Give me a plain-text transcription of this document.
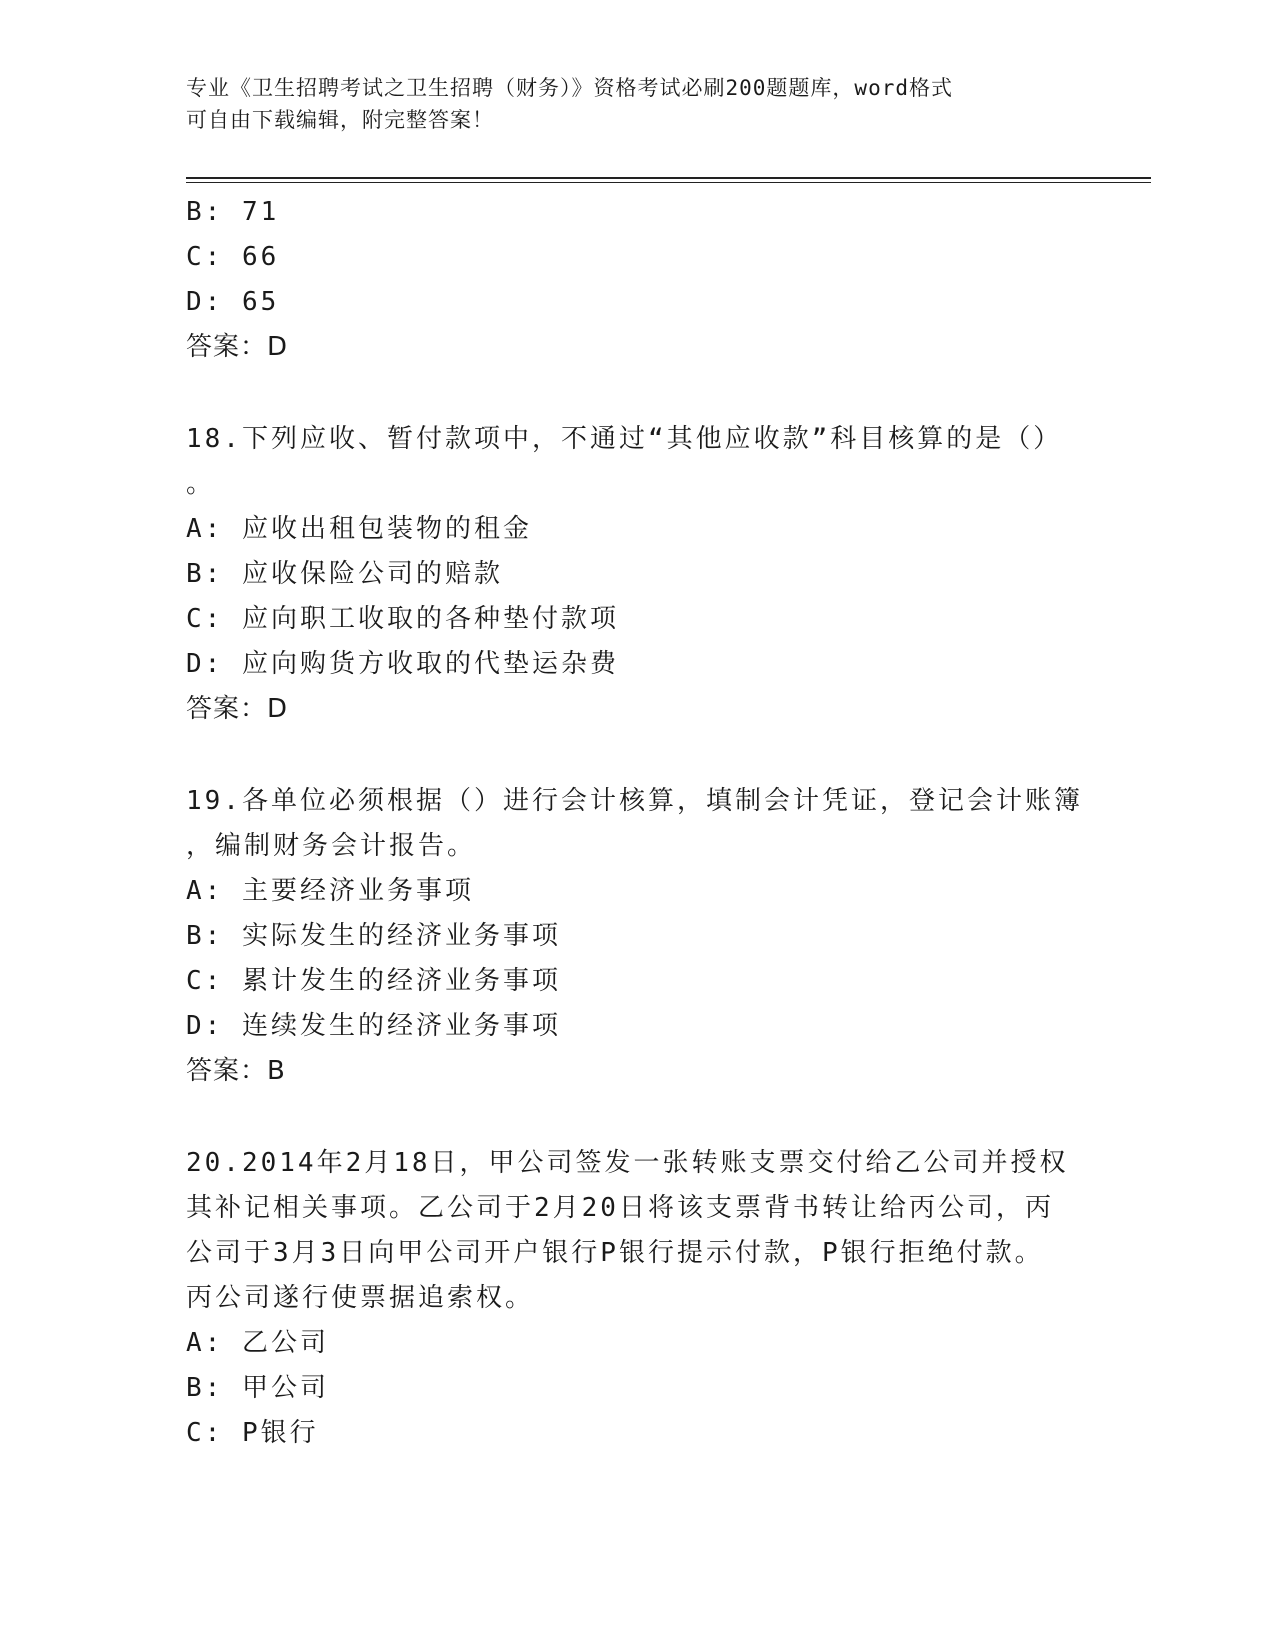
专业《卫生招聘考试之卫生招聘（财务）》资格考试必刷200题题库，word格式
可自由下载编辑，附完整答案！
B: 71
C: 66
D: 65
答案：D
18.下列应收、暂付款项中，不通过“其他应收款”科目核算的是（）
。
A: 应收出租包装物的租金
B: 应收保险公司的赔款
C: 应向职工收取的各种垫付款项
D: 应向购货方收取的代垫运杂费
答案：D
19.各单位必须根据（）进行会计核算，填制会计凭证，登记会计账簿
，编制财务会计报告。
A: 主要经济业务事项
B: 实际发生的经济业务事项
C: 累计发生的经济业务事项
D: 连续发生的经济业务事项
答案：B
20.2014年2月18日，甲公司签发一张转账支票交付给乙公司并授权
其补记相关事项。乙公司于2月20日将该支票背书转让给丙公司，丙
公司于3月3日向甲公司开户银行P银行提示付款，P银行拒绝付款。
丙公司遂行使票据追索权。
A: 乙公司
B: 甲公司
C: P银行
